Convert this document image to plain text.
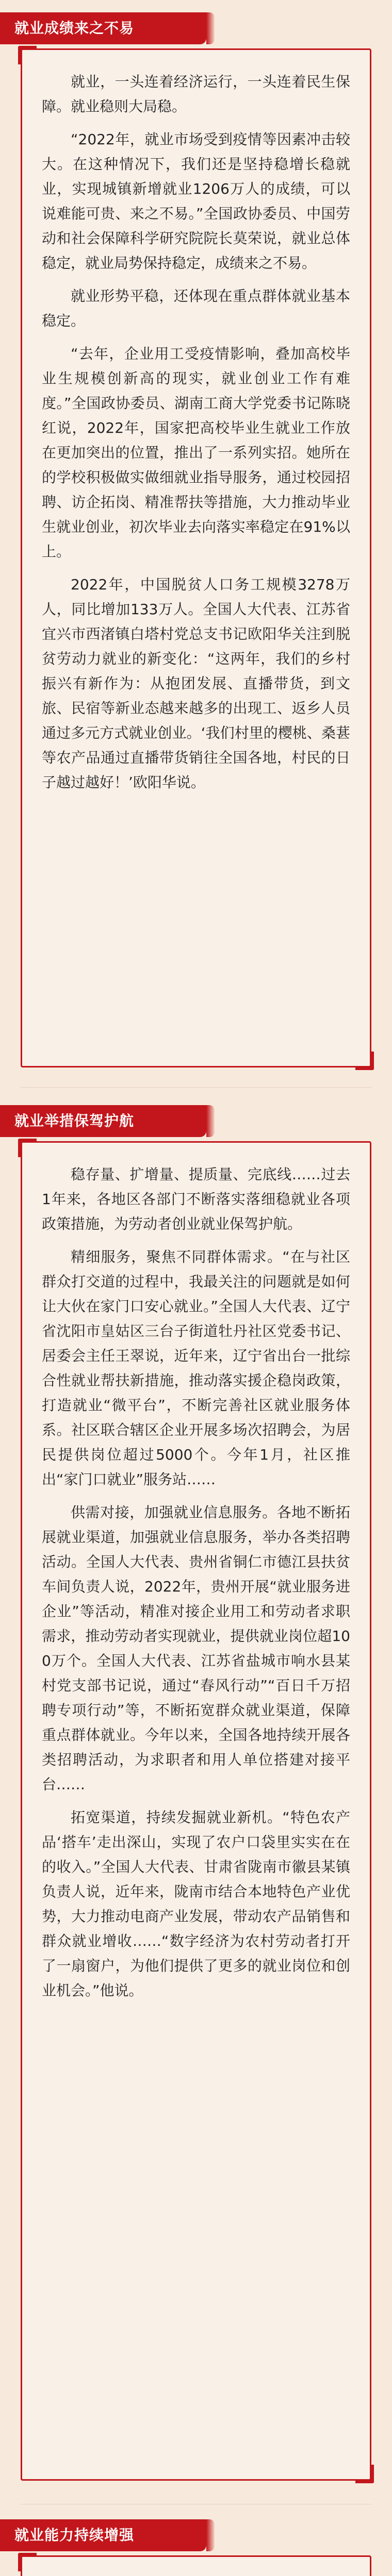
就业成绩来之不易

就业，一头连着经济运行，一头连着民生保障。就业稳则大局稳。

“2022年，就业市场受到疫情等因素冲击较大。在这种情况下，我们还是坚持稳增长稳就业，实现城镇新增就业1206万人的成绩，可以说难能可贵、来之不易。”全国政协委员、中国劳动和社会保障科学研究院院长莫荣说，就业总体稳定，就业局势保持稳定，成绩来之不易。

就业形势平稳，还体现在重点群体就业基本稳定。

“去年，企业用工受疫情影响，叠加高校毕业生规模创新高的现实，就业创业工作有难度。”全国政协委员、湖南工商大学党委书记陈晓红说，2022年，国家把高校毕业生就业工作放在更加突出的位置，推出了一系列实招。她所在的学校积极做实做细就业指导服务，通过校园招聘、访企拓岗、精准帮扶等措施，大力推动毕业生就业创业，初次毕业去向落实率稳定在91%以上。

2022年，中国脱贫人口务工规模3278万人，同比增加133万人。全国人大代表、江苏省宜兴市西渚镇白塔村党总支书记欧阳华关注到脱贫劳动力就业的新变化：“这两年，我们的乡村振兴有新作为：从抱团发展、直播带货，到文旅、民宿等新业态越来越多的出现工、返乡人员通过多元方式就业创业。‘我们村里的樱桃、桑葚等农产品通过直播带货销往全国各地，村民的日子越过越好！’欧阳华说。

就业举措保驾护航

稳存量、扩增量、提质量、完底线……过去1年来，各地区各部门不断落实落细稳就业各项政策措施，为劳动者创业就业保驾护航。

精细服务，聚焦不同群体需求。“在与社区群众打交道的过程中，我最关注的问题就是如何让大伙在家门口安心就业。”全国人大代表、辽宁省沈阳市皇姑区三台子街道牡丹社区党委书记、居委会主任王翠说，近年来，辽宁省出台一批综合性就业帮扶新措施，推动落实援企稳岗政策，打造就业“微平台”，不断完善社区就业服务体系。社区联合辖区企业开展多场次招聘会，为居民提供岗位超过5000个。今年1月，社区推出“家门口就业”服务站……

供需对接，加强就业信息服务。各地不断拓展就业渠道，加强就业信息服务，举办各类招聘活动。全国人大代表、贵州省铜仁市德江县扶贫车间负责人说，2022年，贵州开展“就业服务进企业”等活动，精准对接企业用工和劳动者求职需求，推动劳动者实现就业，提供就业岗位超100万个。全国人大代表、江苏省盐城市响水县某村党支部书记说，通过“春风行动”“百日千万招聘专项行动”等，不断拓宽群众就业渠道，保障重点群体就业。今年以来，全国各地持续开展各类招聘活动，为求职者和用人单位搭建对接平台……

拓宽渠道，持续发掘就业新机。“特色农产品‘搭车’走出深山，实现了农户口袋里实实在在的收入。”全国人大代表、甘肃省陇南市徽县某镇负责人说，近年来，陇南市结合本地特色产业优势，大力推动电商产业发展，带动农产品销售和群众就业增收……“数字经济为农村劳动者打开了一扇窗户，为他们提供了更多的就业岗位和创业机会。”他说。

就业能力持续增强
